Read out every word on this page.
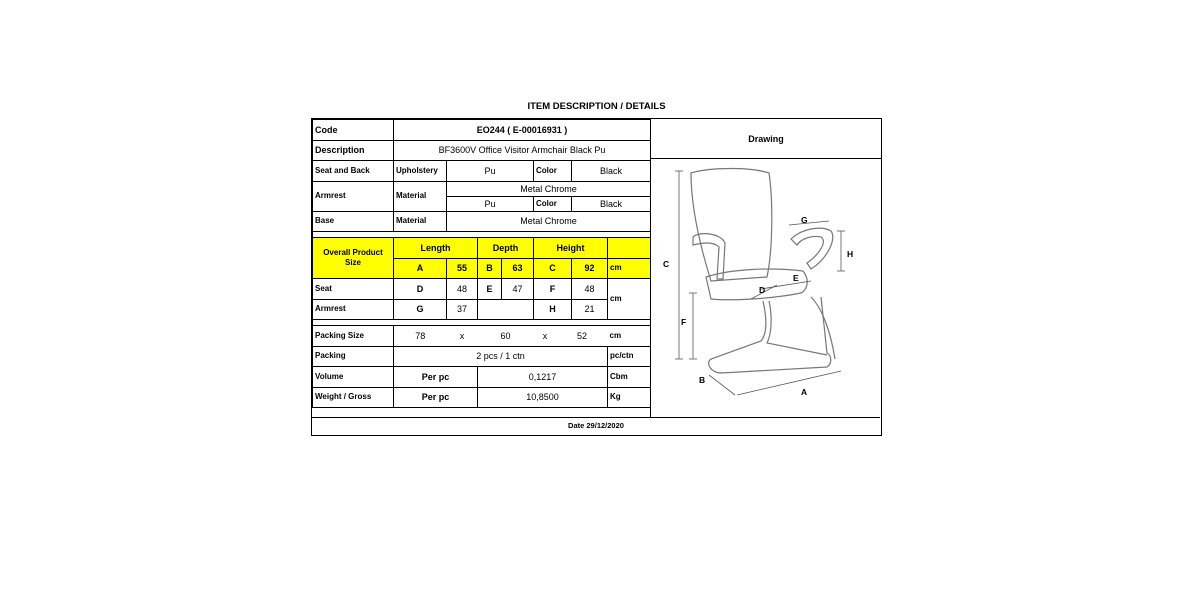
ITEM DESCRIPTION / DETAILS
Code	EO244 ( E-00016931 )							
Description	BF3600V Office Visitor Armchair Black Pu							
Seat and Back	Upholstery	Pu			Color		Black	
Armrest	Material	Metal Chrome						
		Pu			Color		Black	
Base	Material	Metal Chrome						

Overall Product Size	Length		Depth		Height			
	A	55	B	63	C		92	cm
Seat	D	48	E	47	F		48	cm
Armrest	G	37			H		21	

Packing Size	78	x	60		x	52		cm
Packing	2 pcs / 1 ctn							pc/ctn
Volume	Per pc		0,1217					Cbm
Weight / Gross	Per pc		10,8500					Kg
Drawing
C
F
H
G
E
D
B
A
Date 29/12/2020
